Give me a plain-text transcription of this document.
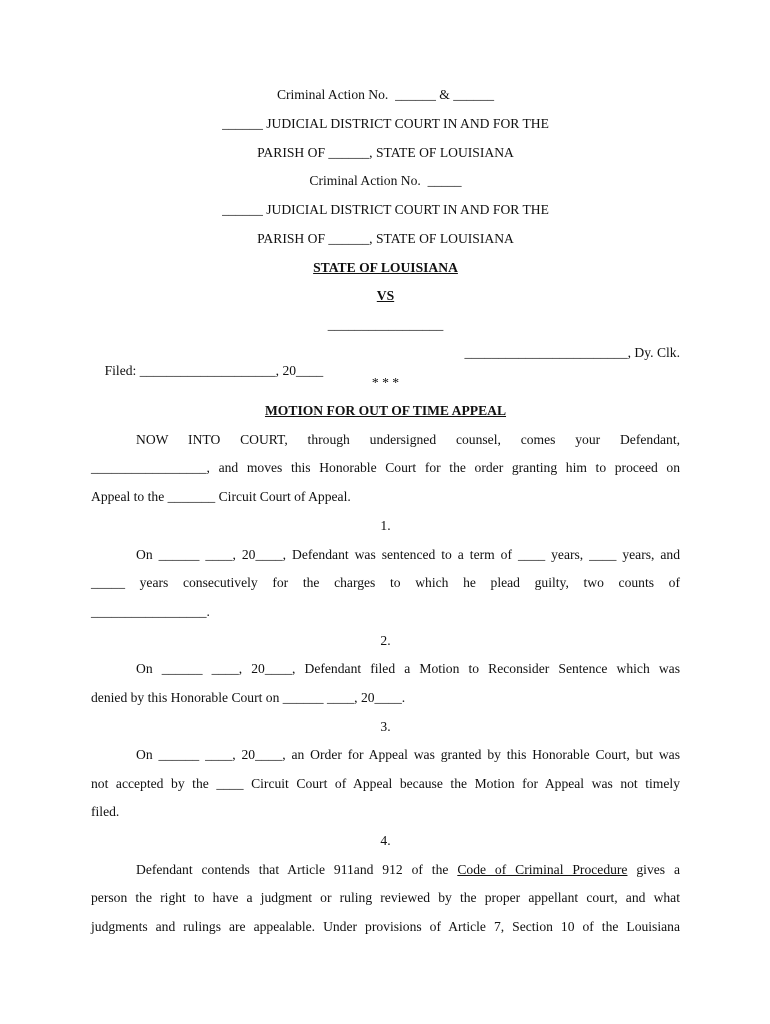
Criminal Action No.  ______ & ______
______ JUDICIAL DISTRICT COURT IN AND FOR THE
PARISH OF ______, STATE OF LOUISIANA
Criminal Action No.  _____
______ JUDICIAL DISTRICT COURT IN AND FOR THE
PARISH OF ______, STATE OF LOUISIANA
STATE OF LOUISIANA
VS
_________________

Filed: ____________________, 20____

________________________, Dy. Clk.

* * *
MOTION FOR OUT OF TIME APPEAL
NOW INTO COURT, through undersigned counsel, comes your Defendant,
_________________, and moves this Honorable Court for the order granting him to proceed on
Appeal to the _______ Circuit Court of Appeal.
1.
On ______ ____, 20____, Defendant was sentenced to a term of ____ years, ____ years, and
_____ years consecutively for the charges to which he plead guilty, two counts of
_________________.
2.
On ______ ____, 20____, Defendant filed a Motion to Reconsider Sentence which was
denied by this Honorable Court on ______ ____, 20____.
3.
On ______ ____, 20____, an Order for Appeal was granted by this Honorable Court, but was
not accepted by the ____ Circuit Court of Appeal because the Motion for Appeal was not timely
filed.
4.
Defendant contends that Article 911and 912 of the Code of Criminal Procedure gives a
person the right to have a judgment or ruling reviewed by the proper appellant court, and what
judgments and rulings are appealable. Under provisions of Article 7, Section 10 of the Louisiana
